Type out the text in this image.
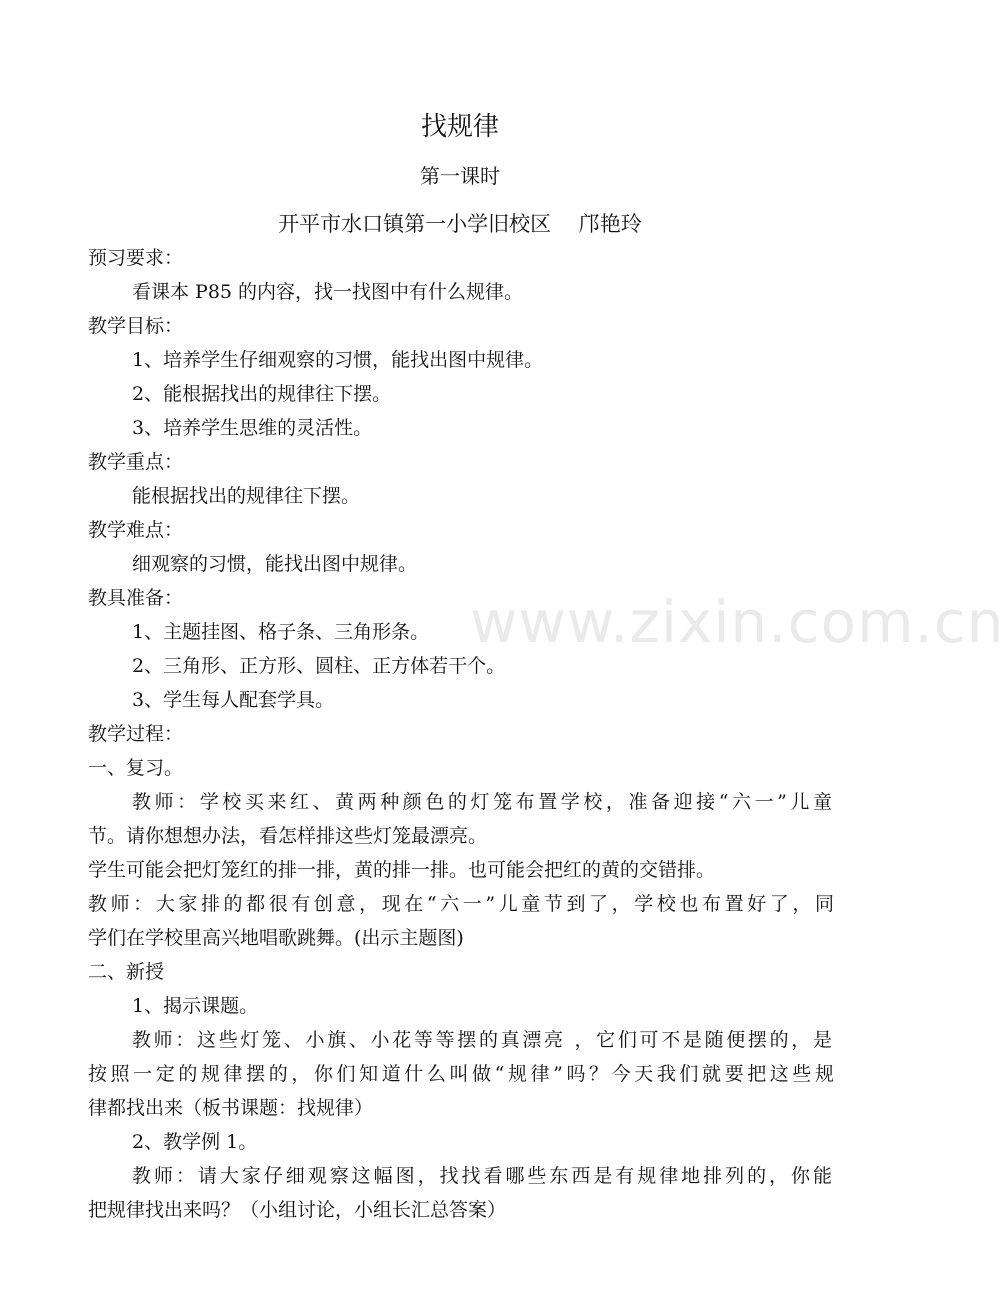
www.zixin.com.cn
找规律
第一课时
开平市水口镇第一小学旧校区　 邝艳玲
预习要求：
看课本 P85 的内容，找一找图中有什么规律。
教学目标：
1、培养学生仔细观察的习惯，能找出图中规律。
2、能根据找出的规律往下摆。
3、培养学生思维的灵活性。
教学重点：
能根据找出的规律往下摆。
教学难点：
细观察的习惯，能找出图中规律。
教具准备：
1、主题挂图、格子条、三角形条。
2、三角形、正方形、圆柱、正方体若干个。
3、学生每人配套学具。
教学过程：
一、复习。
教师：学校买来红、黄两种颜色的灯笼布置学校，准备迎接“六一”儿童
节。请你想想办法，看怎样排这些灯笼最漂亮。
学生可能会把灯笼红的排一排，黄的排一排。也可能会把红的黄的交错排。
教师：大家排的都很有创意，现在“六一”儿童节到了，学校也布置好了，同
学们在学校里高兴地唱歌跳舞。(出示主题图)
二、新授
1、揭示课题。
教师：这些灯笼、小旗、小花等等摆的真漂亮 ，它们可不是随便摆的，是
按照一定的规律摆的，你们知道什么叫做“规律”吗？今天我们就要把这些规
律都找出来（板书课题：找规律）
2、教学例 1。
教师：请大家仔细观察这幅图，找找看哪些东西是有规律地排列的，你能
把规律找出来吗？（小组讨论，小组长汇总答案）
